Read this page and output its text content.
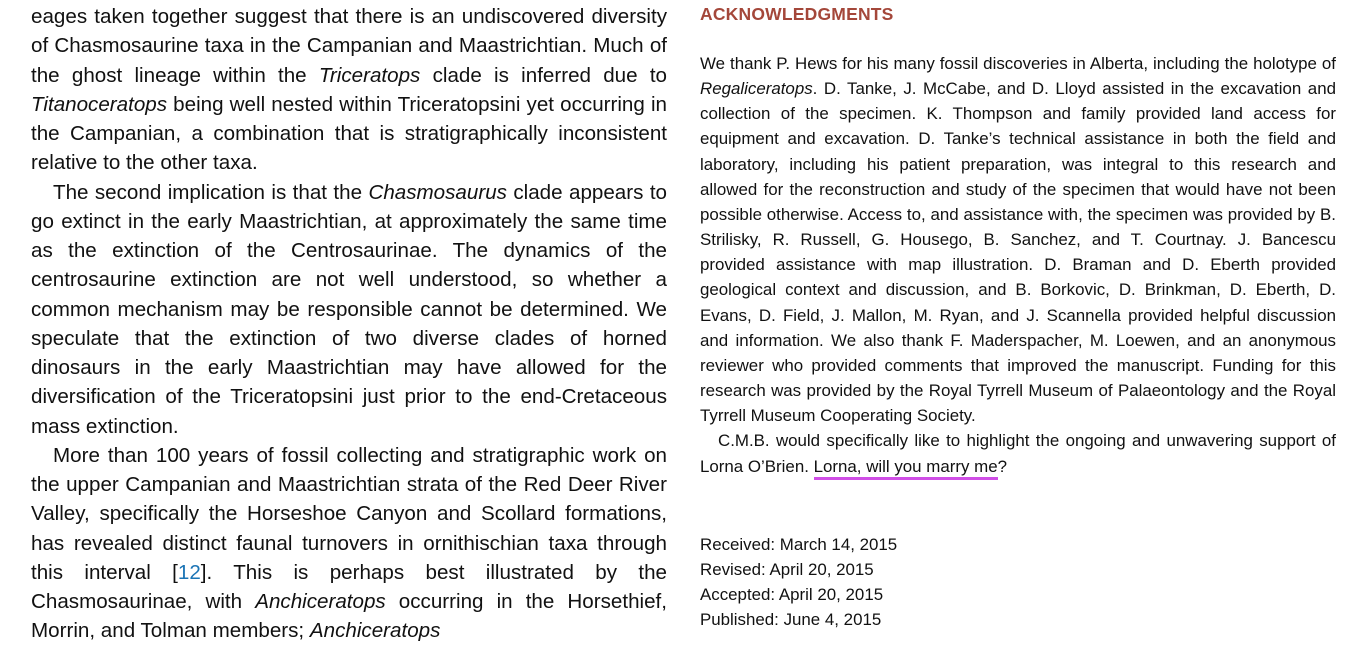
eages taken together suggest that there is an undiscovered diversity of Chasmosaurine taxa in the Campanian and Maastrichtian. Much of the ghost lineage within the Triceratops clade is inferred due to Titanoceratops being well nested within Triceratopsini yet occurring in the Campanian, a combination that is stratigraphically inconsistent relative to the other taxa.

The second implication is that the Chasmosaurus clade appears to go extinct in the early Maastrichtian, at approximately the same time as the extinction of the Centrosaurinae. The dynamics of the centrosaurine extinction are not well understood, so whether a common mechanism may be responsible cannot be determined. We speculate that the extinction of two diverse clades of horned dinosaurs in the early Maastrichtian may have allowed for the diversification of the Triceratopsini just prior to the end-Cretaceous mass extinction.

More than 100 years of fossil collecting and stratigraphic work on the upper Campanian and Maastrichtian strata of the Red Deer River Valley, specifically the Horseshoe Canyon and Scollard formations, has revealed distinct faunal turnovers in ornithischian taxa through this interval [12]. This is perhaps best illustrated by the Chasmosaurinae, with Anchiceratops occurring in the Horsethief, Morrin, and Tolman members; Anchiceratops

ACKNOWLEDGMENTS

We thank P. Hews for his many fossil discoveries in Alberta, including the holotype of Regaliceratops. D. Tanke, J. McCabe, and D. Lloyd assisted in the excavation and collection of the specimen. K. Thompson and family provided land access for equipment and excavation. D. Tanke’s technical assistance in both the field and laboratory, including his patient preparation, was integral to this research and allowed for the reconstruction and study of the specimen that would have not been possible otherwise. Access to, and assistance with, the specimen was provided by B. Strilisky, R. Russell, G. Housego, B. Sanchez, and T. Courtnay. J. Bancescu provided assistance with map illustration. D. Braman and D. Eberth provided geological context and discussion, and B. Borkovic, D. Brinkman, D. Eberth, D. Evans, D. Field, J. Mallon, M. Ryan, and J. Scannella provided helpful discussion and information. We also thank F. Maderspacher, M. Loewen, and an anonymous reviewer who provided comments that improved the manuscript. Funding for this research was provided by the Royal Tyrrell Museum of Palaeontology and the Royal Tyrrell Museum Cooperating Society.

C.M.B. would specifically like to highlight the ongoing and unwavering support of Lorna O’Brien. Lorna, will you marry me?

Received: March 14, 2015
Revised: April 20, 2015
Accepted: April 20, 2015
Published: June 4, 2015
